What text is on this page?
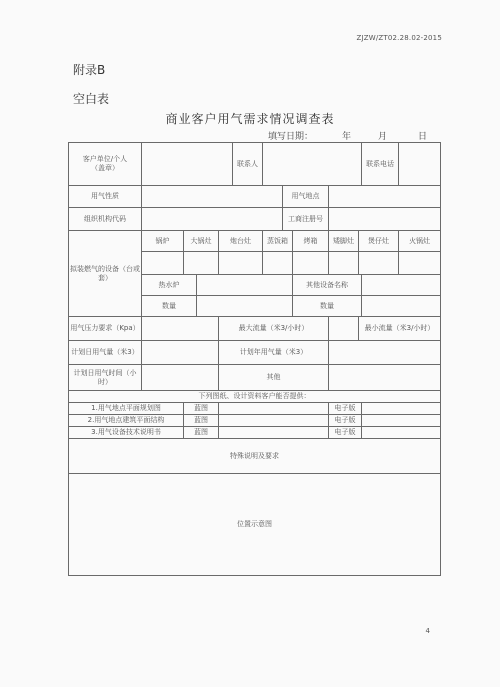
ZJZW/ZT02.28.02-2015
附录B
空白表
商业客户用气需求情况调查表
填写日期：	年	月	日
客户单位/个人
（盖章）					联系人						联系电话	
用气性质							用气地点					
组织机构代码							工商注册号					
拟装燃气的设备（台或套）	锅炉	大锅灶		炮台灶		蒸饭箱		烤箱	矮脚灶	煲仔灶		火锅灶

	热水炉							其他设备名称				
	数量							数量				
用气压力要求（Kpa）				最大流量（米3/小时）						最小流量（米3/小时）		
计划日用气量（米3）				计划年用气量（米3）								
计划日用气时间（小时）				其他								
下列图纸、设计资料客户能否提供：												
1.用气地点平面规划图		蓝图							电子版			
2.用气地点建筑平面结构		蓝图							电子版			
3.用气设备技术说明书		蓝图							电子版			
特殊说明及要求												
位置示意图												
4
